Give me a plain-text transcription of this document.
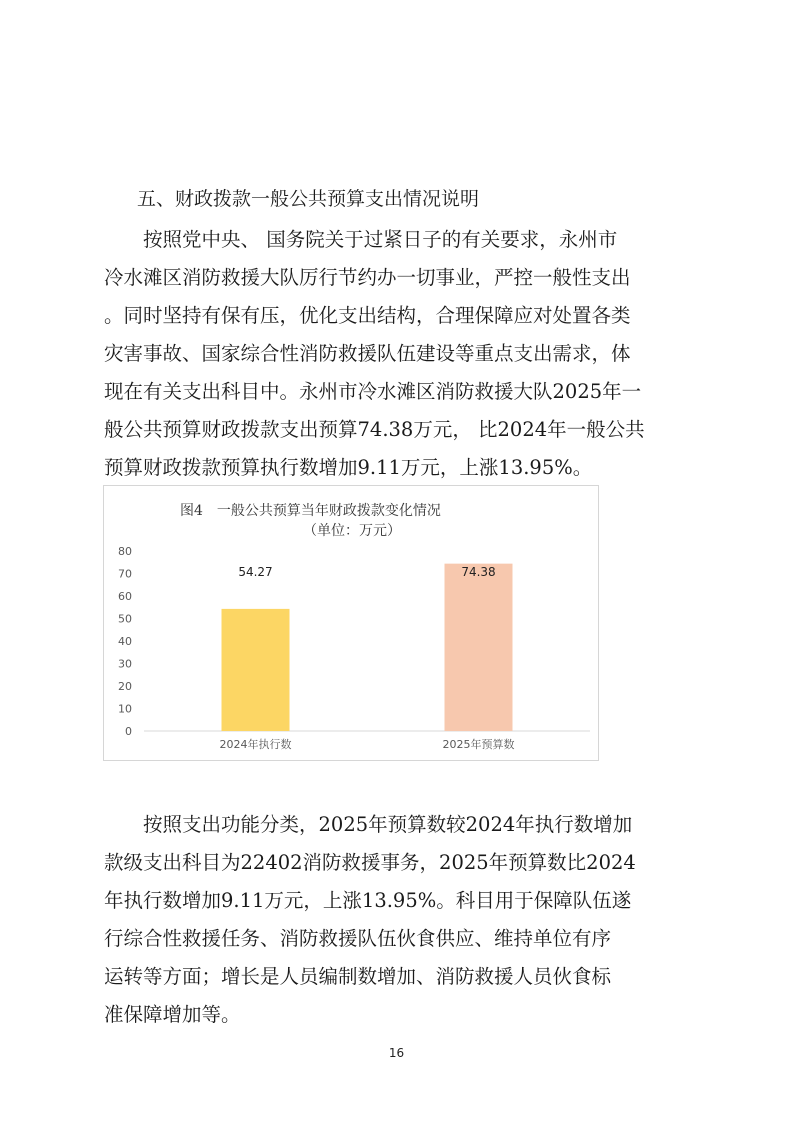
五、财政拨款一般公共预算支出情况说明
　　按照党中央、 国务院关于过紧日子的有关要求，永州市
冷水滩区消防救援大队厉行节约办一切事业，严控一般性支出
。同时坚持有保有压，优化支出结构，合理保障应对处置各类
灾害事故、国家综合性消防救援队伍建设等重点支出需求，体
现在有关支出科目中。永州市冷水滩区消防救援大队2025年一
般公共预算财政拨款支出预算74.38万元， 比2024年一般公共
预算财政拨款预算执行数增加9.11万元，上涨13.95%。
图4　一般公共预算当年财政拨款变化情况
（单位：万元）
0
10
20
30
40
50
60
70
80
54.27
2024年执行数
74.38
2025年预算数
　　按照支出功能分类，2025年预算数较2024年执行数增加
款级支出科目为22402消防救援事务，2025年预算数比2024
年执行数增加9.11万元，上涨13.95%。科目用于保障队伍遂
行综合性救援任务、消防救援队伍伙食供应、维持单位有序
运转等方面；增长是人员编制数增加、消防救援人员伙食标
准保障增加等。
16
